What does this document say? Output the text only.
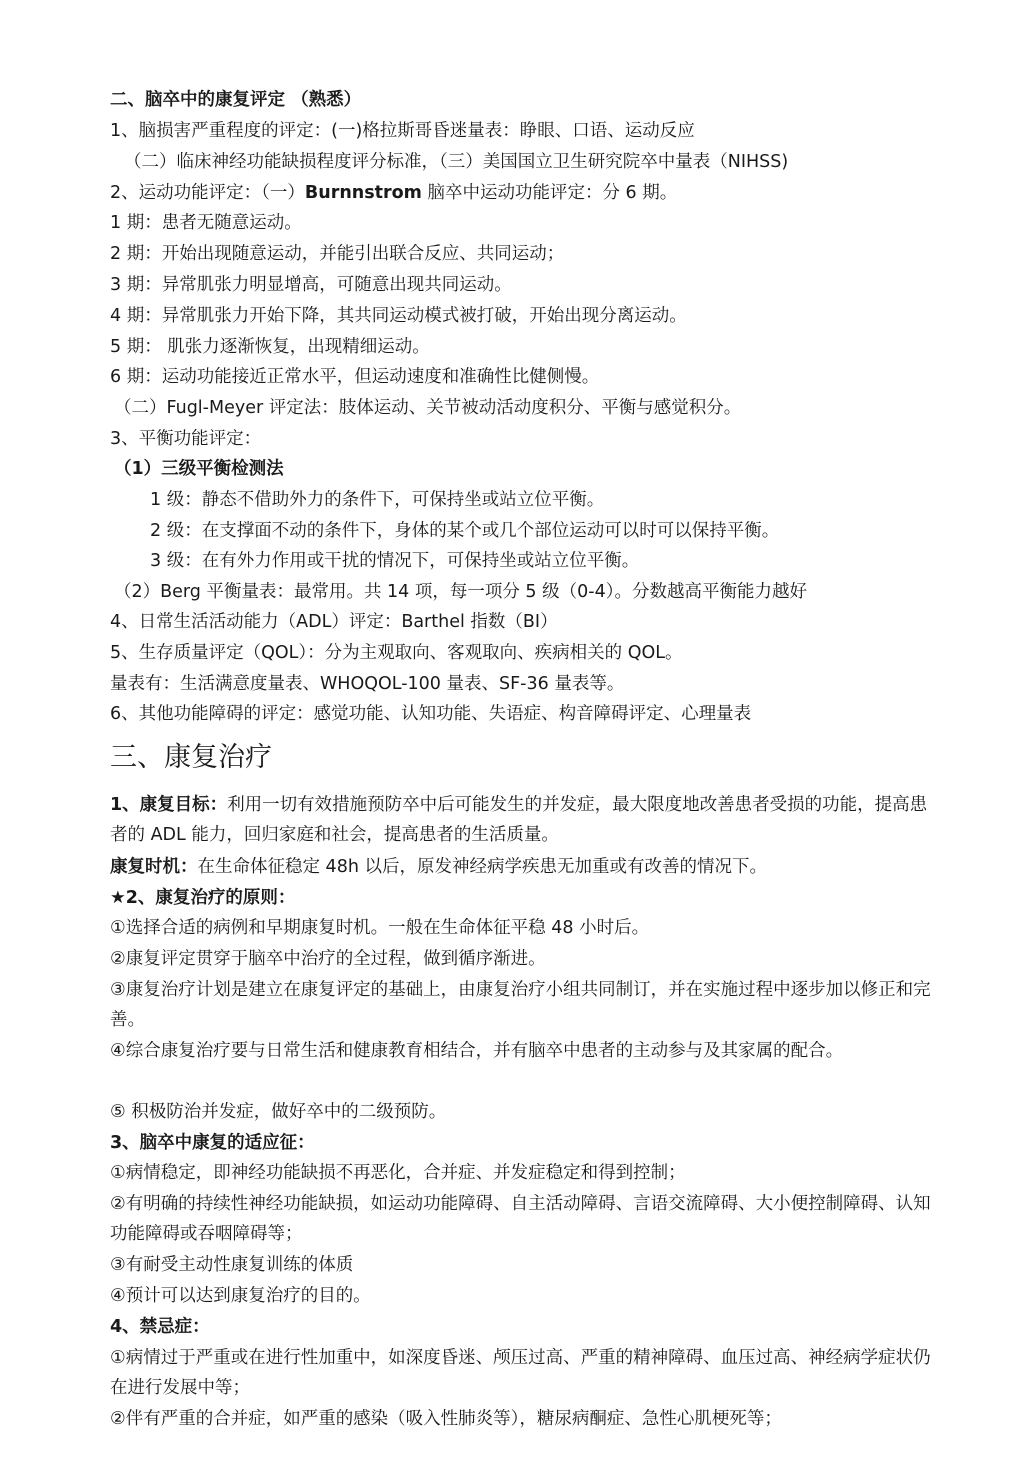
二、脑卒中的康复评定 （熟悉）
1、脑损害严重程度的评定：(一)格拉斯哥昏迷量表：睁眼、口语、运动反应
（二）临床神经功能缺损程度评分标准，（三）美国国立卫生研究院卒中量表（NIHSS)
2、运动功能评定：（一）Burnnstrom 脑卒中运动功能评定：分 6 期。
1 期：患者无随意运动。
2 期：开始出现随意运动，并能引出联合反应、共同运动；
3 期：异常肌张力明显增高，可随意出现共同运动。
4 期：异常肌张力开始下降，其共同运动模式被打破，开始出现分离运动。
5 期： 肌张力逐渐恢复，出现精细运动。
6 期：运动功能接近正常水平，但运动速度和准确性比健侧慢。
（二）Fugl-Meyer 评定法：肢体运动、关节被动活动度积分、平衡与感觉积分。
3、平衡功能评定：
（1）三级平衡检测法
1 级：静态不借助外力的条件下，可保持坐或站立位平衡。
2 级：在支撑面不动的条件下，身体的某个或几个部位运动可以时可以保持平衡。
3 级：在有外力作用或干扰的情况下，可保持坐或站立位平衡。
（2）Berg 平衡量表：最常用。共 14 项，每一项分 5 级（0-4）。分数越高平衡能力越好
4、日常生活活动能力（ADL）评定：Barthel 指数（BI）
5、生存质量评定（QOL）：分为主观取向、客观取向、疾病相关的 QOL。
量表有：生活满意度量表、WHOQOL-100 量表、SF-36 量表等。
6、其他功能障碍的评定：感觉功能、认知功能、失语症、构音障碍评定、心理量表
三、康复治疗
1、康复目标：利用一切有效措施预防卒中后可能发生的并发症，最大限度地改善患者受损的功能，提高患者的 ADL 能力，回归家庭和社会，提高患者的生活质量。
康复时机：在生命体征稳定 48h 以后，原发神经病学疾患无加重或有改善的情况下。
★2、康复治疗的原则：
①选择合适的病例和早期康复时机。一般在生命体征平稳 48 小时后。
②康复评定贯穿于脑卒中治疗的全过程，做到循序渐进。
③康复治疗计划是建立在康复评定的基础上，由康复治疗小组共同制订，并在实施过程中逐步加以修正和完善。
④综合康复治疗要与日常生活和健康教育相结合，并有脑卒中患者的主动参与及其家属的配合。
⑤ 积极防治并发症，做好卒中的二级预防。
3、脑卒中康复的适应征：
①病情稳定，即神经功能缺损不再恶化，合并症、并发症稳定和得到控制；
②有明确的持续性神经功能缺损，如运动功能障碍、自主活动障碍、言语交流障碍、大小便控制障碍、认知功能障碍或吞咽障碍等；
③有耐受主动性康复训练的体质
④预计可以达到康复治疗的目的。
4、禁忌症：
①病情过于严重或在进行性加重中，如深度昏迷、颅压过高、严重的精神障碍、血压过高、神经病学症状仍在进行发展中等；
②伴有严重的合并症，如严重的感染（吸入性肺炎等），糖尿病酮症、急性心肌梗死等；
